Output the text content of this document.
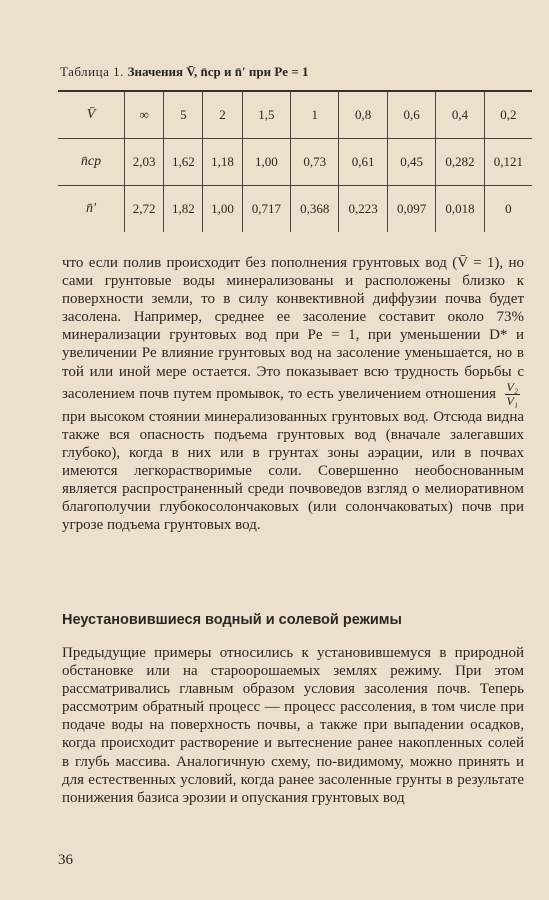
Таблица 1. Значения V̄, n̄ср и n̄′ при Pe = 1
V̄	∞	5	2	1,5	1	0,8	0,6	0,4	0,2
n̄ср	2,03	1,62	1,18	1,00	0,73	0,61	0,45	0,282	0,121
n̄′	2,72	1,82	1,00	0,717	0,368	0,223	0,097	0,018	0

что если полив происходит без пополнения грунтовых вод (V̄ = 1), но сами грунтовые воды минерализованы и расположены близко к поверхности земли, то в силу конвективной диффузии почва будет засолена. Например, среднее ее засоление составит около 73% минерализации грунтовых вод при Pe = 1, при уменьшении D* и увеличении Pe влияние грунтовых вод на засоление уменьшается, но в той или иной мере остается. Это показывает всю трудность борьбы с засолением почв путем промывок, то есть увеличением отношения $\frac{\text{V₂}}{\text{V₁}}$
при высоком стоянии минерализованных грунтовых вод. Отсюда видна также вся опасность подъема грунтовых вод (вначале залегавших глубоко), когда в них или в грунтах зоны аэрации, или в почвах имеются легкорастворимые соли. Совершенно необоснованным является распространенный среди почвоведов взгляд о мелиоративном благополучии глубокосолончаковых (или солончаковатых) почв при угрозе подъема грунтовых вод.

Неустановившиеся водный и солевой режимы

Предыдущие примеры относились к установившемуся в природной обстановке или на староорошаемых землях режиму. При этом рассматривались главным образом условия засоления почв. Теперь рассмотрим обратный процесс — процесс рассоления, в том числе при подаче воды на поверхность почвы, а также при выпадении осадков, когда происходит растворение и вытеснение ранее накопленных солей в глубь массива. Аналогичную схему, по-видимому, можно принять и для естественных условий, когда ранее засоленные грунты в результате понижения базиса эрозии и опускания грунтовых вод

36
